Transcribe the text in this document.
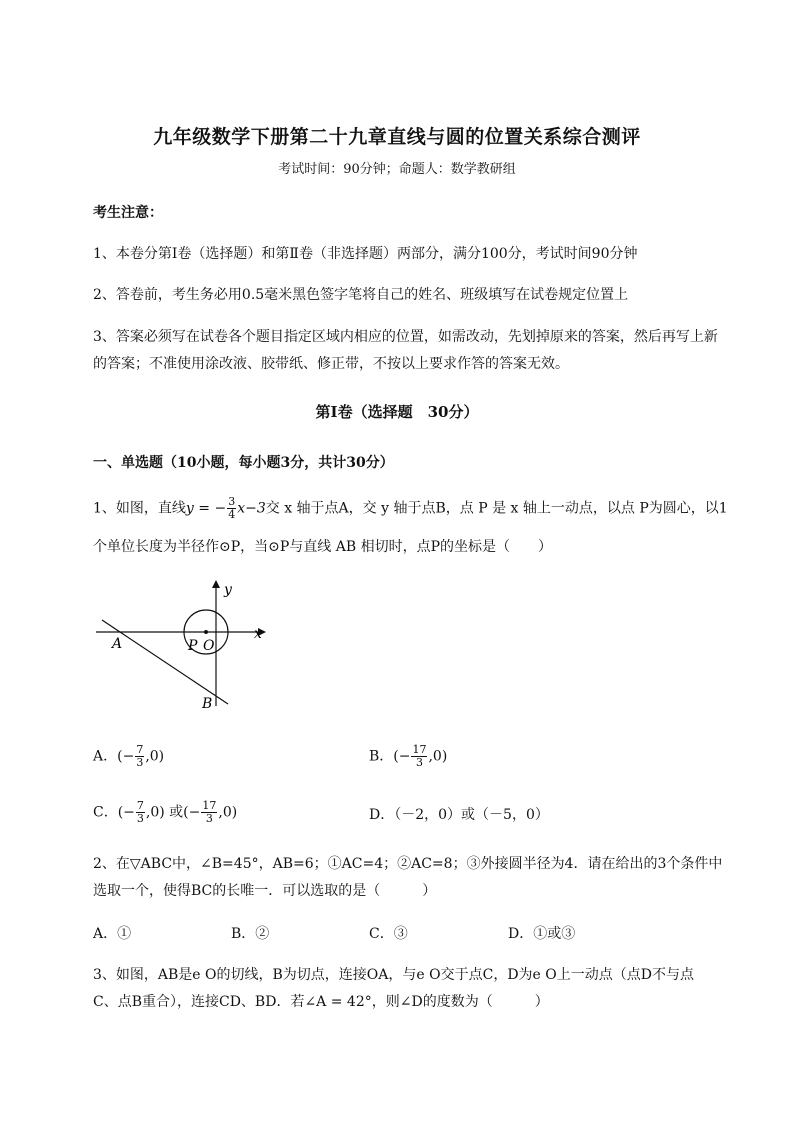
九年级数学下册第二十九章直线与圆的位置关系综合测评
考试时间：90分钟；命题人：数学教研组
考生注意：
1、本卷分第I卷（选择题）和第Ⅱ卷（非选择题）两部分，满分100分，考试时间90分钟
2、答卷前，考生务必用0.5毫米黑色签字笔将自己的姓名、班级填写在试卷规定位置上
3、答案必须写在试卷各个题目指定区域内相应的位置，如需改动，先划掉原来的答案，然后再写上新
的答案；不准使用涂改液、胶带纸、修正带，不按以上要求作答的答案无效。
第I卷（选择题　30分）
一、单选题（10小题，每小题3分，共计30分）
1、如图，直线y = − $\frac{3}{4} x-3$交 x 轴于点A，交 y 轴于点B，点 P 是 x 轴上一动点，以点 P为圆心，以1
个单位长度为半径作⊙P，当⊙P与直线 AB 相切时，点P的坐标是（　　）
y
x
A
B
P O
A．(− $\frac{7}{3} ,0$)	B．(− $\frac{17}{3} ,0$)
C．(− $\frac{7}{3} ,0$) 或(− $\frac{17}{3} ,0$)	D．（－2，0）或（－5，0）
2、在▽ABC中，∠B=45°，AB=6；①AC=4；②AC=8；③外接圆半径为4．请在给出的3个条件中
选取一个，使得BC的长唯一．可以选取的是（　　　）
A．①	B．②	C．③	D．①或③
3、如图，AB是e O的切线，B为切点，连接OA，与e O交于点C，D为e O上一动点（点D不与点
C、点B重合），连接CD、BD．若∠A = 42°，则∠D的度数为（　　　）
